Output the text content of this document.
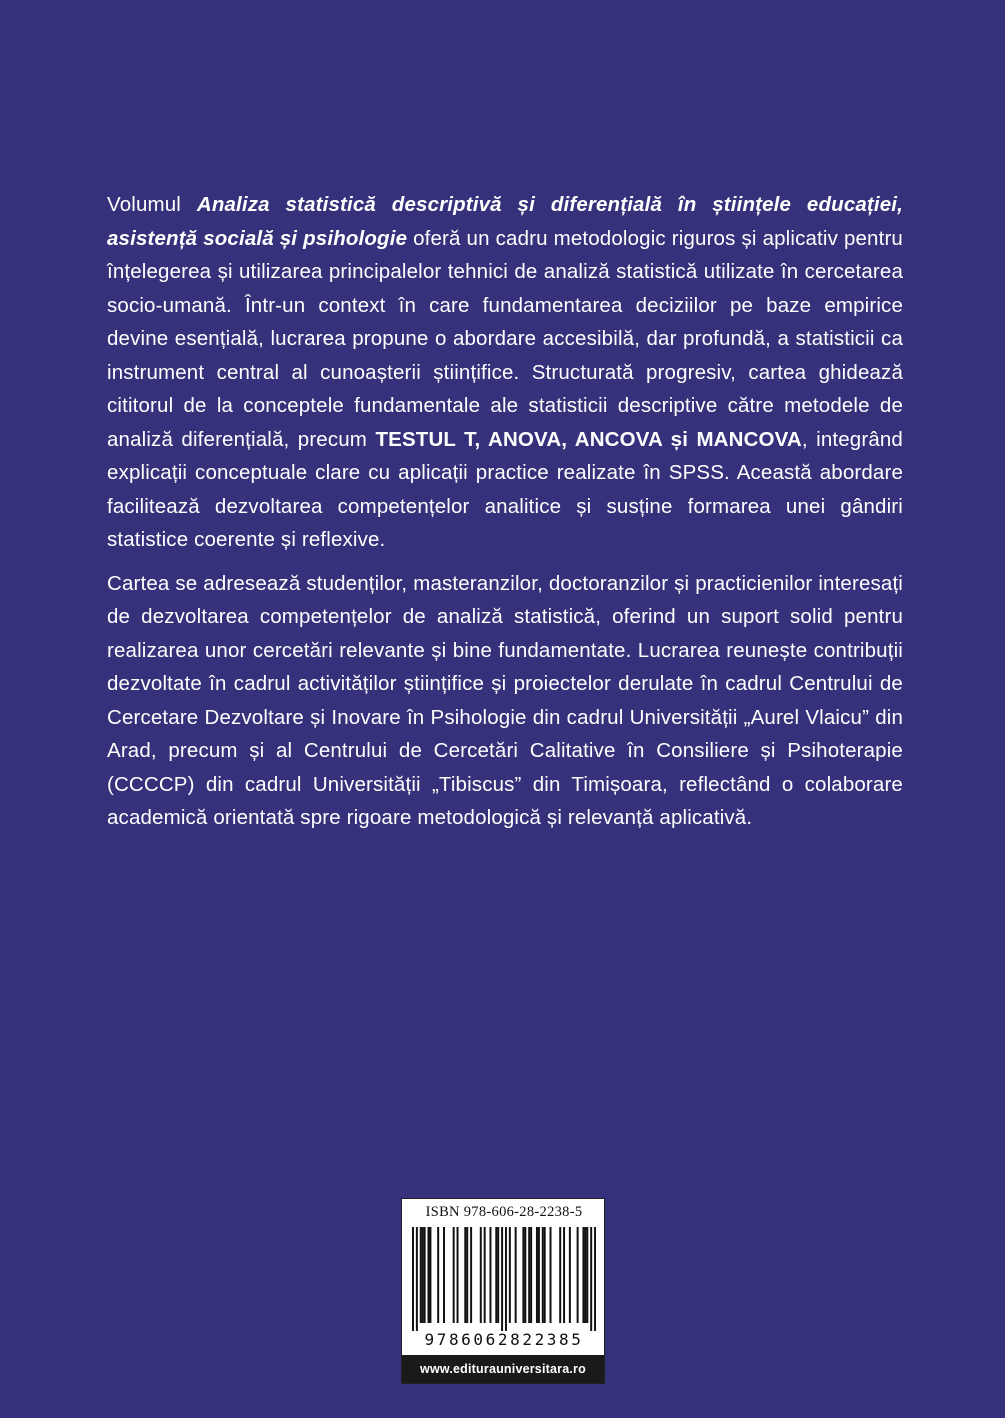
Volumul Analiza statistică descriptivă și diferențială în științele educației, asistență socială și psihologie oferă un cadru metodologic riguros și aplicativ pentru înțelegerea și utilizarea principalelor tehnici de analiză statistică utilizate în cercetarea socio-umană. Într-un context în care fundamentarea deciziilor pe baze empirice devine esențială, lucrarea propune o abordare accesibilă, dar profundă, a statisticii ca instrument central al cunoașterii științifice. Structurată progresiv, cartea ghidează cititorul de la conceptele fundamentale ale statisticii descriptive către metodele de analiză diferențială, precum TESTUL T, ANOVA, ANCOVA și MANCOVA, integrând explicații conceptuale clare cu aplicații practice realizate în SPSS. Această abordare facilitează dezvoltarea competențelor analitice și susține formarea unei gândiri statistice coerente și reflexive.

Cartea se adresează studenților, masteranzilor, doctoranzilor și practicienilor interesați de dezvoltarea competențelor de analiză statistică, oferind un suport solid pentru realizarea unor cercetări relevante și bine fundamentate. Lucrarea reunește contribuții dezvoltate în cadrul activităților științifice și proiectelor derulate în cadrul Centrului de Cercetare Dezvoltare și Inovare în Psihologie din cadrul Universității „Aurel Vlaicu” din Arad, precum și al Centrului de Cercetări Calitative în Consiliere și Psihoterapie (CCCCP) din cadrul Universității „Tibiscus” din Timișoara, reflectând o colaborare academică orientată spre rigoare metodologică și relevanță aplicativă.

ISBN 978-606-28-2238-5
9786062822385
www.editurauniversitara.ro
